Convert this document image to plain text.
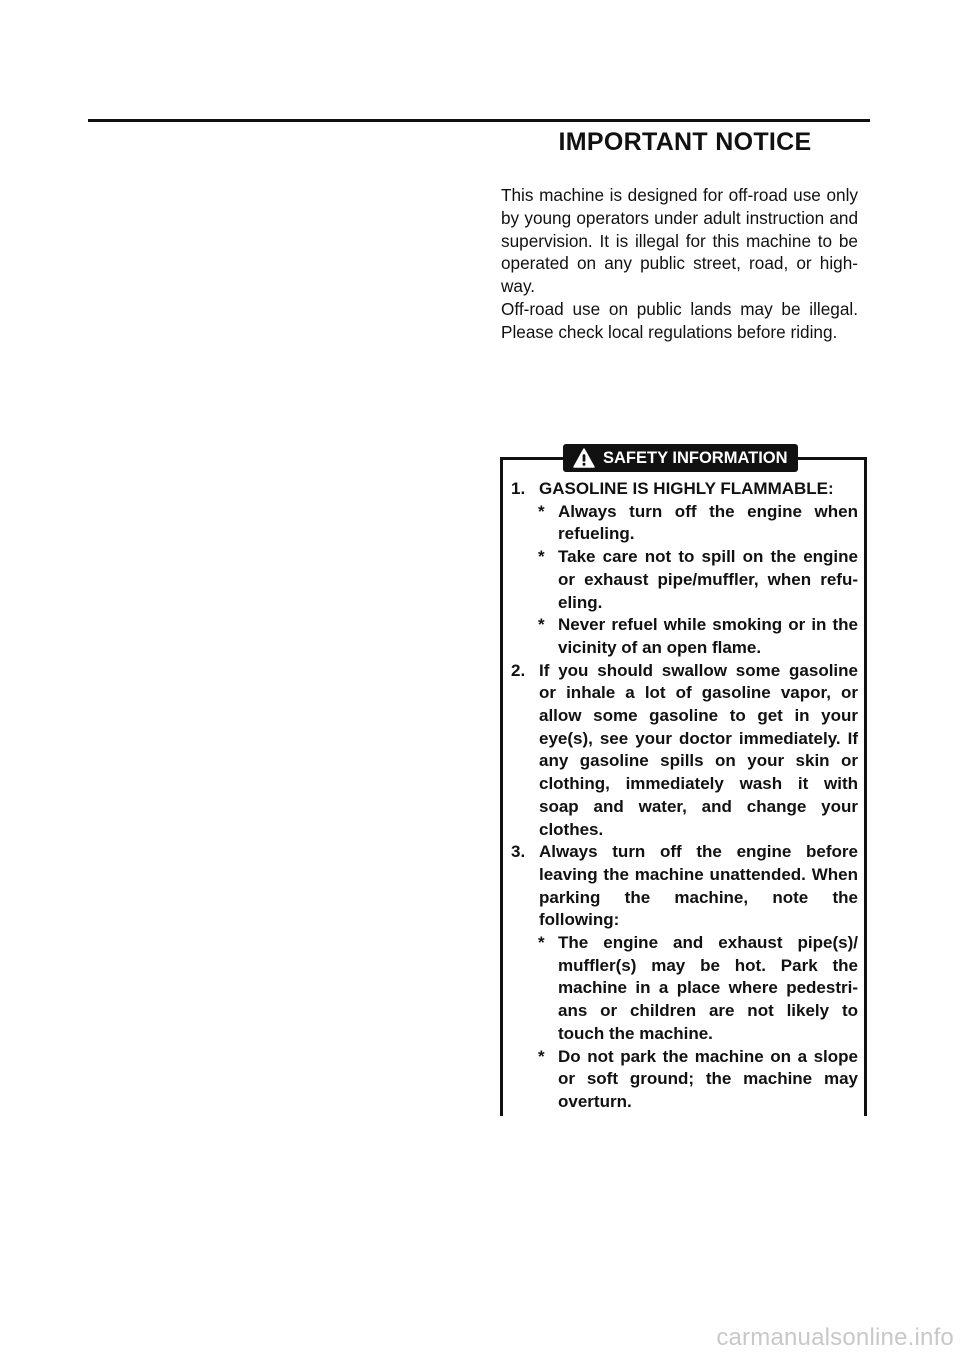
IMPORTANT NOTICE

This machine is designed for off-road use only by young operators under adult instruction and supervision. It is illegal for this machine to be operated on any public street, road, or high-way.

Off-road use on public lands may be illegal. Please check local regulations before riding.

SAFETY INFORMATION
1. GASOLINE IS HIGHLY FLAMMABLE:
* Always turn off the engine when refueling.
* Take care not to spill on the engine or exhaust pipe/muffler, when refu-eling.
* Never refuel while smoking or in the vicinity of an open flame.
2. If you should swallow some gasoline or inhale a lot of gasoline vapor, or allow some gasoline to get in your eye(s), see your doctor immediately. If any gasoline spills on your skin or clothing, immediately wash it with soap and water, and change your clothes.
3. Always turn off the engine before leaving the machine unattended. When parking the machine, note the following:
* The engine and exhaust pipe(s)/ muffler(s) may be hot. Park the machine in a place where pedestri-ans or children are not likely to touch the machine.
* Do not park the machine on a slope or soft ground; the machine may overturn.
carmanualsonline.info
